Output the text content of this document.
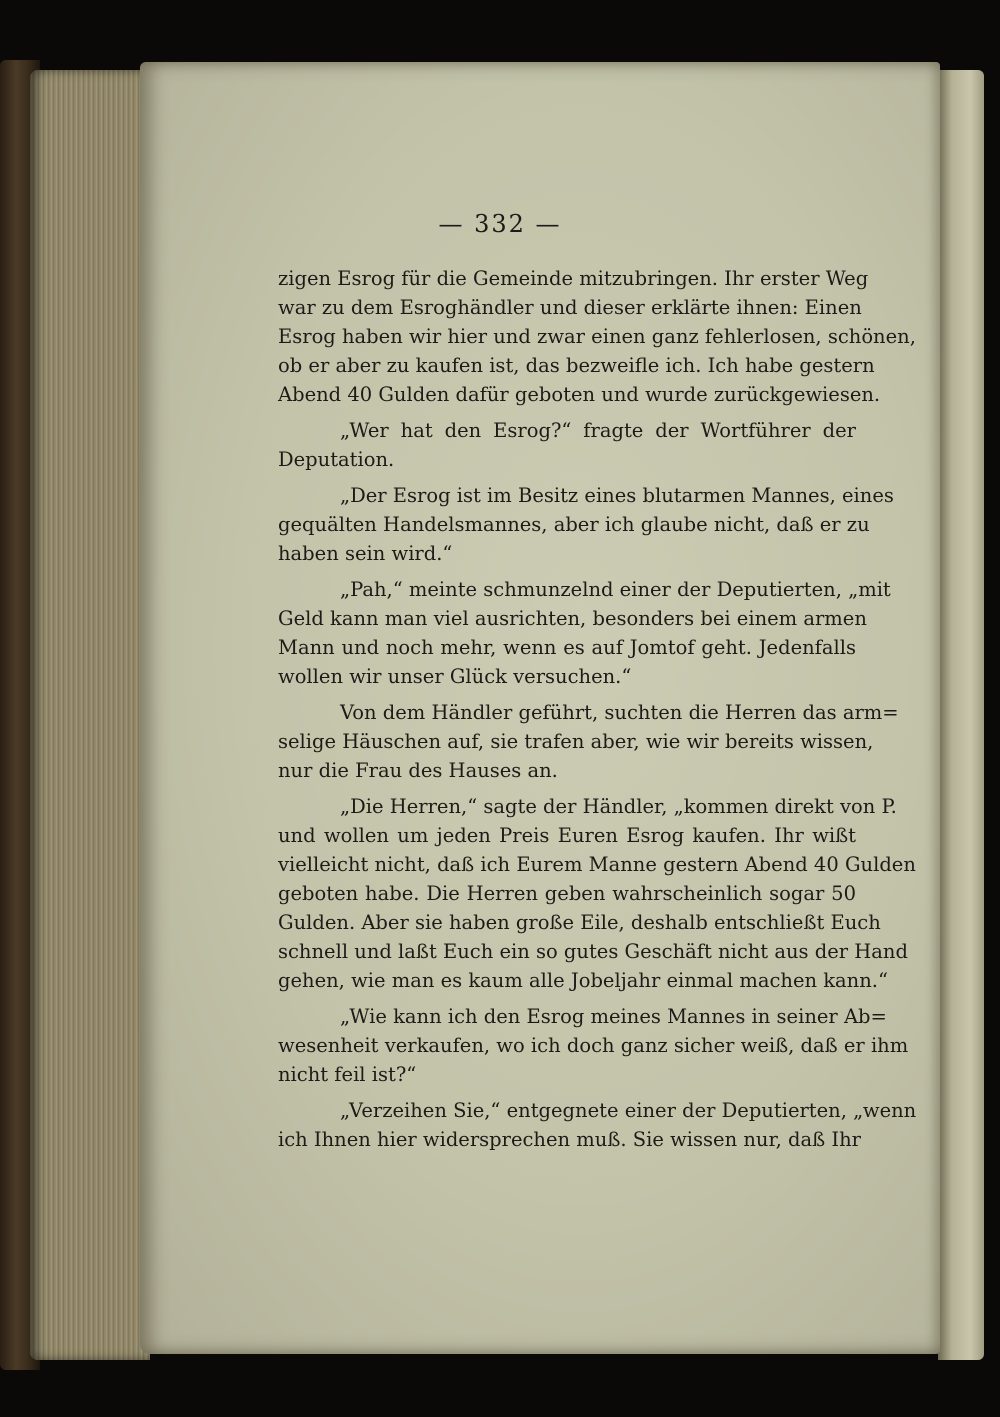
— 332 —
zigen Esrog für die Gemeinde mitzubringen. Ihr erster Weg
war zu dem Esroghändler und dieser erklärte ihnen: Einen
Esrog haben wir hier und zwar einen ganz fehlerlosen, schönen,
ob er aber zu kaufen ist, das bezweifle ich. Ich habe gestern
Abend 40 Gulden dafür geboten und wurde zurückgewiesen.
„Wer hat den Esrog?“ fragte der Wortführer der
Deputation.
„Der Esrog ist im Besitz eines blutarmen Mannes, eines
gequälten Handelsmannes, aber ich glaube nicht, daß er zu
haben sein wird.“
„Pah,“ meinte schmunzelnd einer der Deputierten, „mit
Geld kann man viel ausrichten, besonders bei einem armen
Mann und noch mehr, wenn es auf Jomtof geht. Jedenfalls
wollen wir unser Glück versuchen.“
Von dem Händler geführt, suchten die Herren das arm=
selige Häuschen auf, sie trafen aber, wie wir bereits wissen,
nur die Frau des Hauses an.
„Die Herren,“ sagte der Händler, „kommen direkt von P.
und wollen um jeden Preis Euren Esrog kaufen. Ihr wißt
vielleicht nicht, daß ich Eurem Manne gestern Abend 40 Gulden
geboten habe. Die Herren geben wahrscheinlich sogar 50
Gulden. Aber sie haben große Eile, deshalb entschließt Euch
schnell und laßt Euch ein so gutes Geschäft nicht aus der Hand
gehen, wie man es kaum alle Jobeljahr einmal machen kann.“
„Wie kann ich den Esrog meines Mannes in seiner Ab=
wesenheit verkaufen, wo ich doch ganz sicher weiß, daß er ihm
nicht feil ist?“
„Verzeihen Sie,“ entgegnete einer der Deputierten, „wenn
ich Ihnen hier widersprechen muß. Sie wissen nur, daß Ihr
